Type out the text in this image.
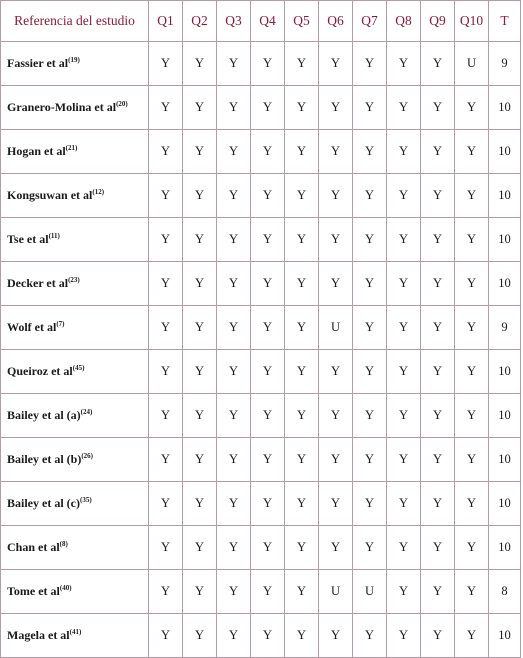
Referencia del estudio	Q1	Q2	Q3	Q4	Q5	Q6	Q7	Q8	Q9	Q10	T
Fassier et $al^{(19)}$	Y	Y	Y	Y	Y	Y	Y	Y	Y	U	9
Granero-Molina et $al^{(20)}$	Y	Y	Y	Y	Y	Y	Y	Y	Y	Y	10
Hogan et $al^{(21)}$	Y	Y	Y	Y	Y	Y	Y	Y	Y	Y	10
Kongsuwan et $al^{(12)}$	Y	Y	Y	Y	Y	Y	Y	Y	Y	Y	10
Tse et $al^{(11)}$	Y	Y	Y	Y	Y	Y	Y	Y	Y	Y	10
Decker et $al^{(23)}$	Y	Y	Y	Y	Y	Y	Y	Y	Y	Y	10
Wolf et $al^{(7)}$	Y	Y	Y	Y	Y	U	Y	Y	Y	Y	9
Queiroz et $al^{(45)}$	Y	Y	Y	Y	Y	Y	Y	Y	Y	Y	10
Bailey et al $(a)^{(24)}$	Y	Y	Y	Y	Y	Y	Y	Y	Y	Y	10
Bailey et al $(b)^{(26)}$	Y	Y	Y	Y	Y	Y	Y	Y	Y	Y	10
Bailey et al $(c)^{(35)}$	Y	Y	Y	Y	Y	Y	Y	Y	Y	Y	10
Chan et $al^{(8)}$	Y	Y	Y	Y	Y	Y	Y	Y	Y	Y	10
Tome et $al^{(40)}$	Y	Y	Y	Y	Y	U	U	Y	Y	Y	8
Magela et $al^{(41)}$	Y	Y	Y	Y	Y	Y	Y	Y	Y	Y	10
